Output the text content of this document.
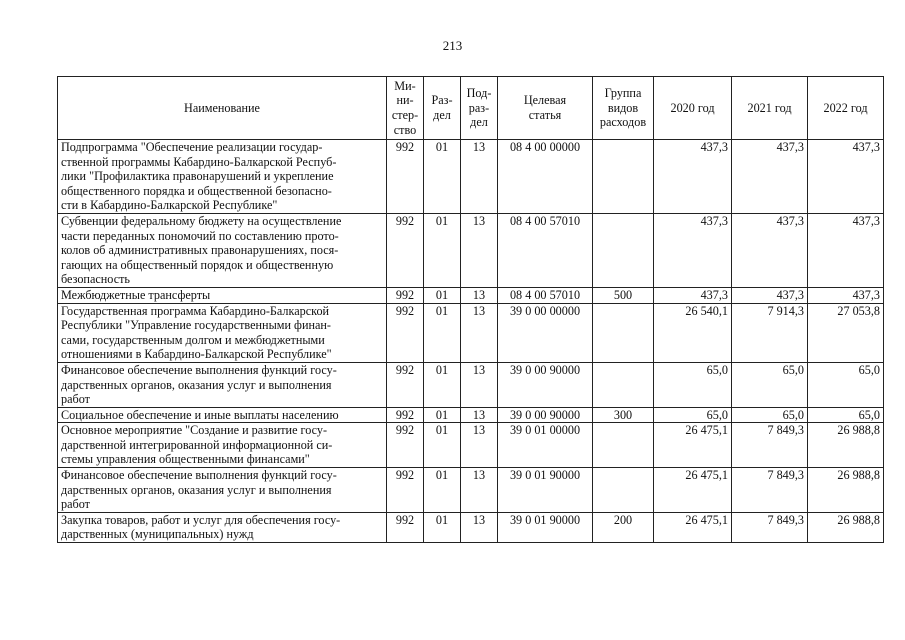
213
Наименование	Ми-
ни-
стер-
ство	Раз-
дел	Под-
раз-
дел	Целевая
статья	Группа
видов
расходов	2020 год	2021 год	2022 год
Подпрограмма "Обеспечение реализации государ-
ственной программы Кабардино-Балкарской Респуб-
лики "Профилактика правонарушений и укрепление
общественного порядка и общественной безопасно-
сти в Кабардино-Балкарской Республике"	992	01	13	08 4 00 00000		437,3	437,3	437,3
Субвенции федеральному бюджету на осуществление
части переданных пономочий по составлению прото-
колов об административных правонарушениях, пося-
гающих на общественный порядок и общественную
безопасность	992	01	13	08 4 00 57010		437,3	437,3	437,3
Межбюджетные трансферты	992	01	13	08 4 00 57010	500	437,3	437,3	437,3
Государственная программа Кабардино-Балкарской
Республики "Управление государственными финан-
сами, государственным долгом и межбюджетными
отношениями в Кабардино-Балкарской Республике"	992	01	13	39 0 00 00000		26 540,1	7 914,3	27 053,8
Финансовое обеспечение выполнения функций госу-
дарственных органов, оказания услуг и выполнения
работ	992	01	13	39 0 00 90000		65,0	65,0	65,0
Социальное обеспечение и иные выплаты населению	992	01	13	39 0 00 90000	300	65,0	65,0	65,0
Основное мероприятие "Создание и развитие госу-
дарственной интегрированной информационной си-
стемы управления общественными финансами"	992	01	13	39 0 01 00000		26 475,1	7 849,3	26 988,8
Финансовое обеспечение выполнения функций госу-
дарственных органов, оказания услуг и выполнения
работ	992	01	13	39 0 01 90000		26 475,1	7 849,3	26 988,8
Закупка товаров, работ и услуг для обеспечения госу-
дарственных (муниципальных) нужд	992	01	13	39 0 01 90000	200	26 475,1	7 849,3	26 988,8
